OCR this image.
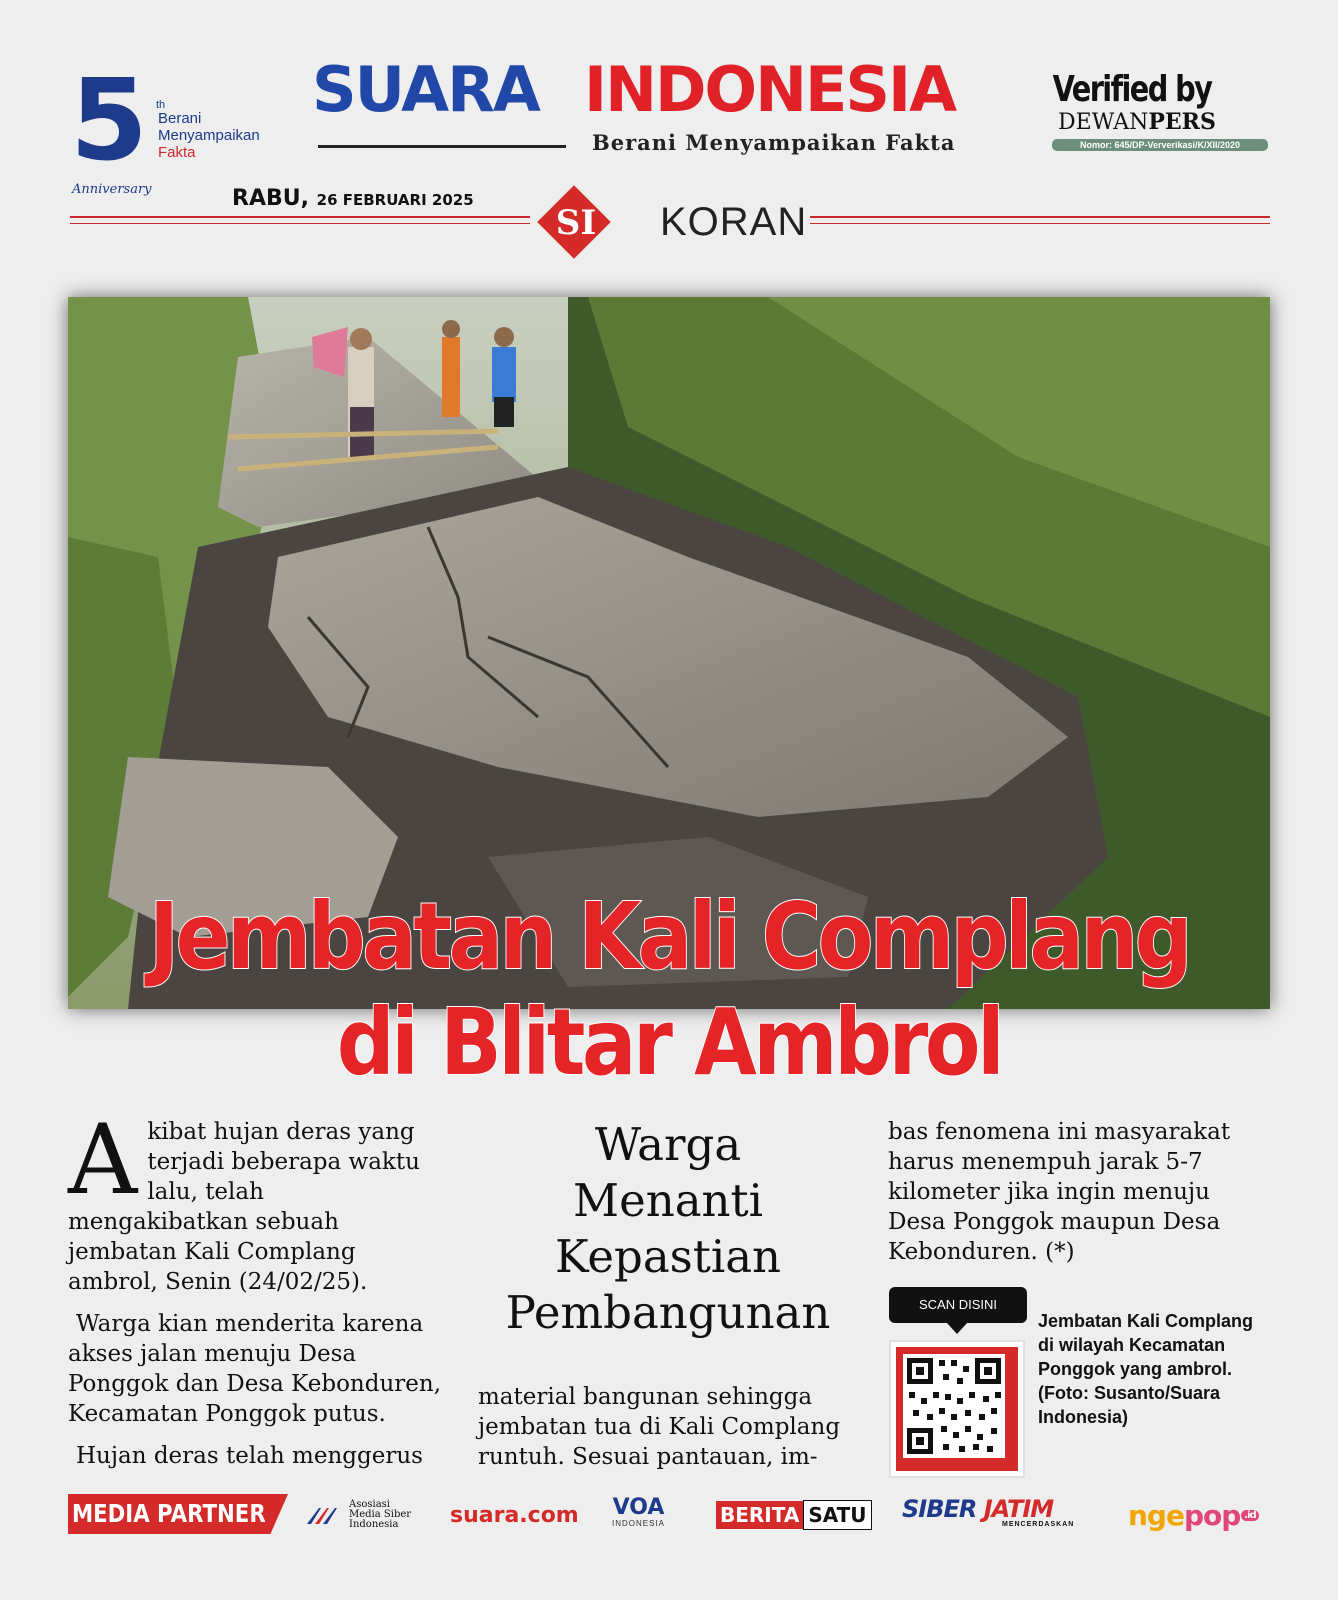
5 th
Berani
Menyampaikan
Fakta
Anniversary
SUARA INDONESIA
Berani Menyampaikan Fakta
Verified by
DEWANPERS
Nomor: 645/DP-Ververikasi/K/XII/2020
RABU, 26 FEBRUARI 2025
SI KORAN
Jembatan Kali Complang
di Blitar Ambrol

Akibat hujan deras yang terjadi beberapa waktu lalu, telah mengakibatkan sebuah jembatan Kali Complang ambrol, Senin (24/02/25).

Warga kian menderita karena akses jalan menuju Desa Ponggok dan Desa Kebonduren, Kecamatan Ponggok putus.

Hujan deras telah menggerus

Warga
Menanti
Kepastian
Pembangunan

material bangunan sehingga jembatan tua di Kali Complang runtuh. Sesuai pantauan, im-

bas fenomena ini masyarakat harus menempuh jarak 5-7 kilometer jika ingin menuju Desa Ponggok maupun Desa Kebonduren. (*)

SCAN DISINI
Jembatan Kali Complang di wilayah Kecamatan Ponggok yang ambrol. (Foto: Susanto/Suara Indonesia)
MEDIA PARTNER	Asosiasi
Media Siber
Indonesia	suara.com VOA
INDONESIA	BERITA SATU SIBER JATIM
MENCERDASKAN nge pop .id
